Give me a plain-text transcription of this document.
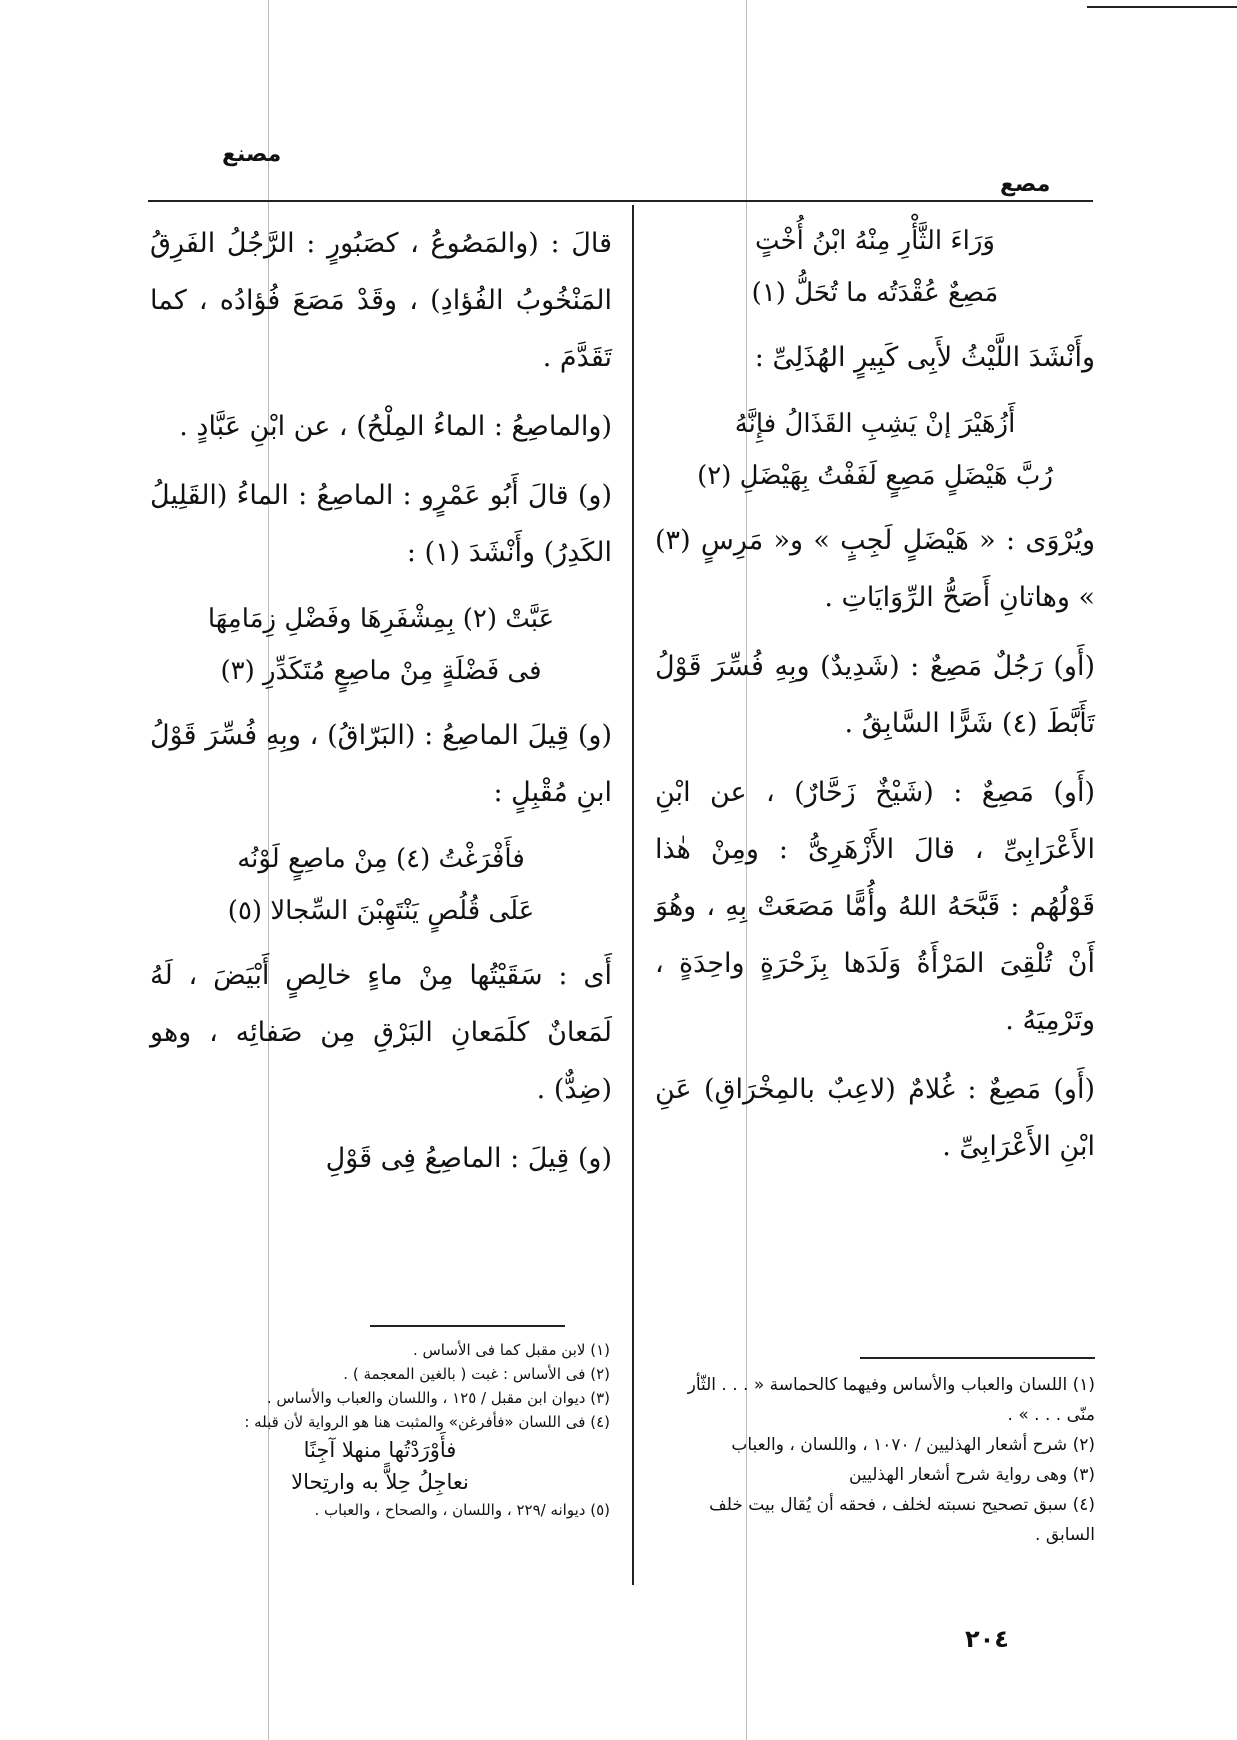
مصنع
مصع
وَرَاءَ الثَّأْرِ مِنْهُ ابْنُ أُخْتٍ
مَصِعٌ عُقْدَتُه ما تُحَلُّ (١)

وأَنْشَدَ اللَّيْثُ لأَبِى كَبِيرٍ الهُذَلِىِّ :

أَزُهَيْرَ إنْ يَشِبِ القَذَالُ فإِنَّهُ
رُبَّ هَيْضَلٍ مَصِعٍ لَفَفْتُ بِهَيْضَلِ (٢)

ويُرْوَى : « هَيْضَلٍ لَجِبٍ » و« مَرِسٍ (٣) » وهاتانِ أَصَحُّ الرِّوَايَاتِ .

(أَو) رَجُلٌ مَصِعٌ : (شَدِيدٌ) وبِهِ فُسِّرَ قَوْلُ تَأَبَّطَ (٤) شَرًّا السَّابِقُ .

(أَو) مَصِعٌ : (شَيْخٌ زَحَّارٌ) ، عن ابْنِ الأَعْرَابِىِّ ، قالَ الأَزْهَرِىُّ : ومِنْ هٰذا قَوْلُهُم : قَبَّحَهُ اللهُ وأُمًّا مَصَعَتْ بِهِ ، وهُوَ أَنْ تُلْقِىَ المَرْأَةُ وَلَدَها بِزَحْرَةٍ واحِدَةٍ ، وتَرْمِيَهُ .

(أَو) مَصِعٌ : غُلامٌ (لاعِبٌ بالمِخْرَاقِ) عَنِ ابْنِ الأَعْرَابِىِّ .

قالَ : (والمَصُوعُ ، كصَبُورٍ : الرَّجُلُ الفَرِقُ المَنْخُوبُ الفُؤادِ) ، وقَدْ مَصَعَ فُؤادُه ، كما تَقَدَّمَ .

(والماصِعُ : الماءُ المِلْحُ) ، عن ابْنِ عَبَّادٍ .

(و) قالَ أَبُو عَمْرٍو : الماصِعُ : الماءُ (القَلِيلُ الكَدِرُ) وأَنْشَدَ (١) :

عَبَّتْ (٢) بِمِشْفَرِهَا وفَضْلِ زِمَامِهَا
فى فَضْلَةٍ مِنْ ماصِعٍ مُتَكَدِّرِ (٣)

(و) قِيلَ الماصِعُ : (البَرّاقُ) ، وبِهِ فُسِّرَ قَوْلُ ابنِ مُقْبِلٍ :

فأَفْرَغْتُ (٤) مِنْ ماصِعٍ لَوْنُه
عَلَى قُلُصٍ يَنْتَهِبْنَ السِّجالا (٥)

أَى : سَقَيْتُها مِنْ ماءٍ خالِصٍ أَبْيَضَ ، لَهُ لَمَعانٌ كلَمَعانِ البَرْقِ مِن صَفائِه ، وهو (ضِدٌّ) .

(و) قِيلَ : الماصِعُ فِى قَوْلِ

(١) اللسان والعباب والأساس وفيهما كالحماسة « . . . الثّأر منّى . . . » .

(٢) شرح أشعار الهذليين / ١٠٧٠ ، واللسان ، والعباب

(٣) وهى رواية شرح أشعار الهذليين

(٤) سبق تصحيح نسبته لخلف ، فحقه أن يُقال بيت خلف السابق .

(١) لابن مقبل كما فى الأساس .

(٢) فى الأساس : غبت ( بالغين المعجمة ) .

(٣) ديوان ابن مقبل / ١٢٥ ، واللسان والعباب والأساس .

(٤) فى اللسان «فأفرغن» والمثبت هنا هو الرواية لأن قبله :

فأَوْرَدْتُها منهلا آجِنًا

نعاجِلُ حِلاًّ به وارتِحالا

(٥) ديوانه /٢٢٩ ، واللسان ، والصحاح ، والعباب .

٢٠٤
